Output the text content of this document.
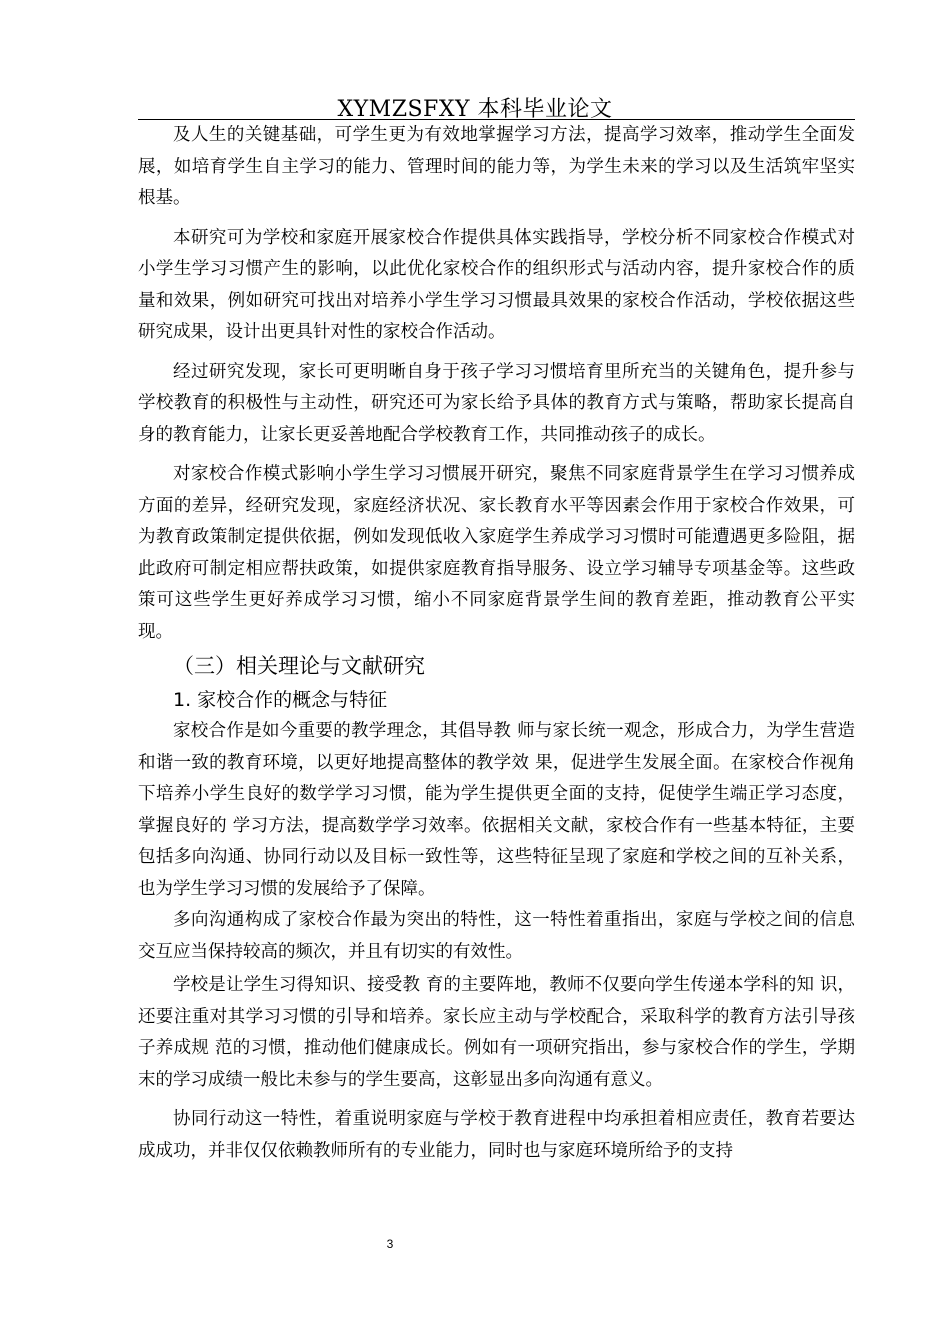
XYMZSFXY 本科毕业论文

及人生的关键基础，可学生更为有效地掌握学习方法，提高学习效率，推动学生全面发展，如培育学生自主学习的能力、管理时间的能力等，为学生未来的学习以及生活筑牢坚实根基。

本研究可为学校和家庭开展家校合作提供具体实践指导，学校分析不同家校合作模式对小学生学习习惯产生的影响，以此优化家校合作的组织形式与活动内容，提升家校合作的质量和效果，例如研究可找出对培养小学生学习习惯最具效果的家校合作活动，学校依据这些研究成果，设计出更具针对性的家校合作活动。

经过研究发现，家长可更明晰自身于孩子学习习惯培育里所充当的关键角色，提升参与学校教育的积极性与主动性，研究还可为家长给予具体的教育方式与策略，帮助家长提高自身的教育能力，让家长更妥善地配合学校教育工作，共同推动孩子的成长。

对家校合作模式影响小学生学习习惯展开研究，聚焦不同家庭背景学生在学习习惯养成方面的差异，经研究发现，家庭经济状况、家长教育水平等因素会作用于家校合作效果，可为教育政策制定提供依据，例如发现低收入家庭学生养成学习习惯时可能遭遇更多险阻，据此政府可制定相应帮扶政策，如提供家庭教育指导服务、设立学习辅导专项基金等。这些政策可这些学生更好养成学习习惯，缩小不同家庭背景学生间的教育差距，推动教育公平实现。

（三）相关理论与文献研究
1. 家校合作的概念与特征

家校合作是如今重要的教学理念，其倡导教 师与家长统一观念，形成合力，为学生营造和谐一致的教育环境，以更好地提高整体的教学效 果，促进学生发展全面。在家校合作视角下培养小学生良好的数学学习习惯，能为学生提供更全面的支持，促使学生端正学习态度，掌握良好的 学习方法，提高数学学习效率。依据相关文献，家校合作有一些基本特征，主要包括多向沟通、协同行动以及目标一致性等，这些特征呈现了家庭和学校之间的互补关系，也为学生学习习惯的发展给予了保障。

多向沟通构成了家校合作最为突出的特性，这一特性着重指出，家庭与学校之间的信息交互应当保持较高的频次，并且有切实的有效性。

学校是让学生习得知识、接受教 育的主要阵地，教师不仅要向学生传递本学科的知 识，还要注重对其学习习惯的引导和培养。家长应主动与学校配合，采取科学的教育方法引导孩子养成规 范的习惯，推动他们健康成长。例如有一项研究指出，参与家校合作的学生，学期末的学习成绩一般比未参与的学生要高，这彰显出多向沟通有意义。

协同行动这一特性，着重说明家庭与学校于教育进程中均承担着相应责任，教育若要达成成功，并非仅仅依赖教师所有的专业能力，同时也与家庭环境所给予的支持

3
